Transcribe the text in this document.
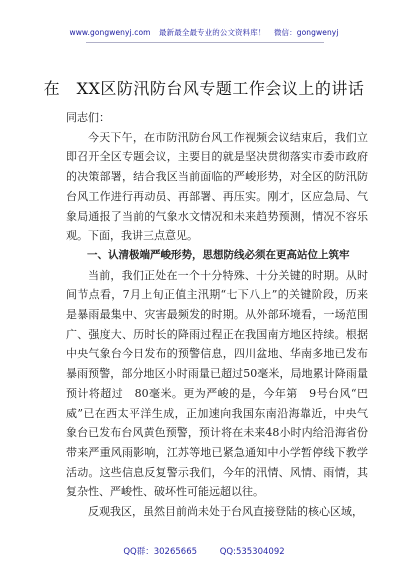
www.gongwenyj.com 最新最全最专业的公文资料库！ 微信：gongwenyj
在　XX区防汛防台风专题工作会议上的讲话

同志们：

今天下午，在市防汛防台风工作视频会议结束后，我们立即召开全区专题会议，主要目的就是坚决贯彻落实市委市政府的决策部署，结合我区当前面临的严峻形势，对全区的防汛防台风工作进行再动员、再部署、再压实。刚才，区应急局、气象局通报了当前的气象水文情况和未来趋势预测，情况不容乐观。下面，我讲三点意见。

一、认清极端严峻形势，思想防线必须在更高站位上筑牢

当前，我们正处在一个十分特殊、十分关键的时期。从时间节点看，7月上旬正值主汛期“七下八上”的关键阶段，历来是暴雨最集中、灾害最频发的时期。从外部环境看，一场范围广、强度大、历时长的降雨过程正在我国南方地区持续。根据中央气象台今日发布的预警信息，四川盆地、华南多地已发布暴雨预警，部分地区小时雨量已超过50毫米，局地累计降雨量预计将超过　80毫米。更为严峻的是，今年第　9号台风“巴威”已在西太平洋生成，正加速向我国东南沿海靠近，中央气象台已发布台风黄色预警，预计将在未来48小时内给沿海省份带来严重风雨影响，江苏等地已紧急通知中小学暂停线下教学活动。这些信息反复警示我们，今年的汛情、风情、雨情，其复杂性、严峻性、破坏性可能远超以往。

反观我区，虽然目前尚未处于台风直接登陆的核心区域，

QQ群：30265665	QQ:535304092
